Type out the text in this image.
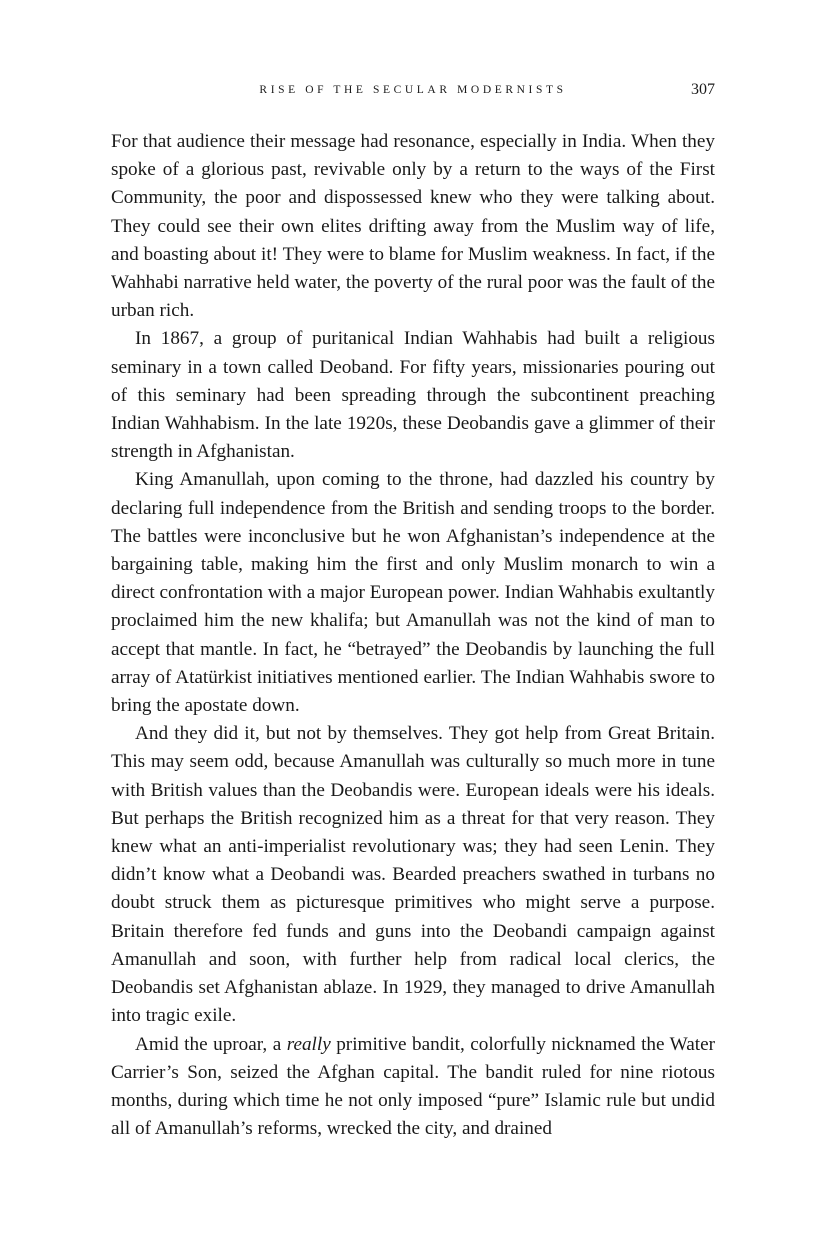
RISE OF THE SECULAR MODERNISTS	307

For that audience their message had resonance, especially in India. When they spoke of a glorious past, revivable only by a return to the ways of the First Community, the poor and dispossessed knew who they were talking about. They could see their own elites drifting away from the Muslim way of life, and boasting about it! They were to blame for Muslim weakness. In fact, if the Wahhabi narrative held water, the poverty of the rural poor was the fault of the urban rich.

In 1867, a group of puritanical Indian Wahhabis had built a religious seminary in a town called Deoband. For fifty years, missionaries pouring out of this seminary had been spreading through the subcontinent preaching Indian Wahhabism. In the late 1920s, these Deobandis gave a glimmer of their strength in Afghanistan.

King Amanullah, upon coming to the throne, had dazzled his country by declaring full independence from the British and sending troops to the border. The battles were inconclusive but he won Afghanistan’s independence at the bargaining table, making him the first and only Muslim monarch to win a direct confrontation with a major European power. Indian Wahhabis exultantly proclaimed him the new khalifa; but Amanullah was not the kind of man to accept that mantle. In fact, he “betrayed” the Deobandis by launching the full array of Atatürkist initiatives mentioned earlier. The Indian Wahhabis swore to bring the apostate down.

And they did it, but not by themselves. They got help from Great Britain. This may seem odd, because Amanullah was culturally so much more in tune with British values than the Deobandis were. European ideals were his ideals. But perhaps the British recognized him as a threat for that very reason. They knew what an anti-imperialist revolutionary was; they had seen Lenin. They didn’t know what a Deobandi was. Bearded preachers swathed in turbans no doubt struck them as picturesque primitives who might serve a purpose. Britain therefore fed funds and guns into the Deobandi campaign against Amanullah and soon, with further help from radical local clerics, the Deobandis set Afghanistan ablaze. In 1929, they managed to drive Amanullah into tragic exile.

Amid the uproar, a really primitive bandit, colorfully nicknamed the Water Carrier’s Son, seized the Afghan capital. The bandit ruled for nine riotous months, during which time he not only imposed “pure” Islamic rule but undid all of Amanullah’s reforms, wrecked the city, and drained
